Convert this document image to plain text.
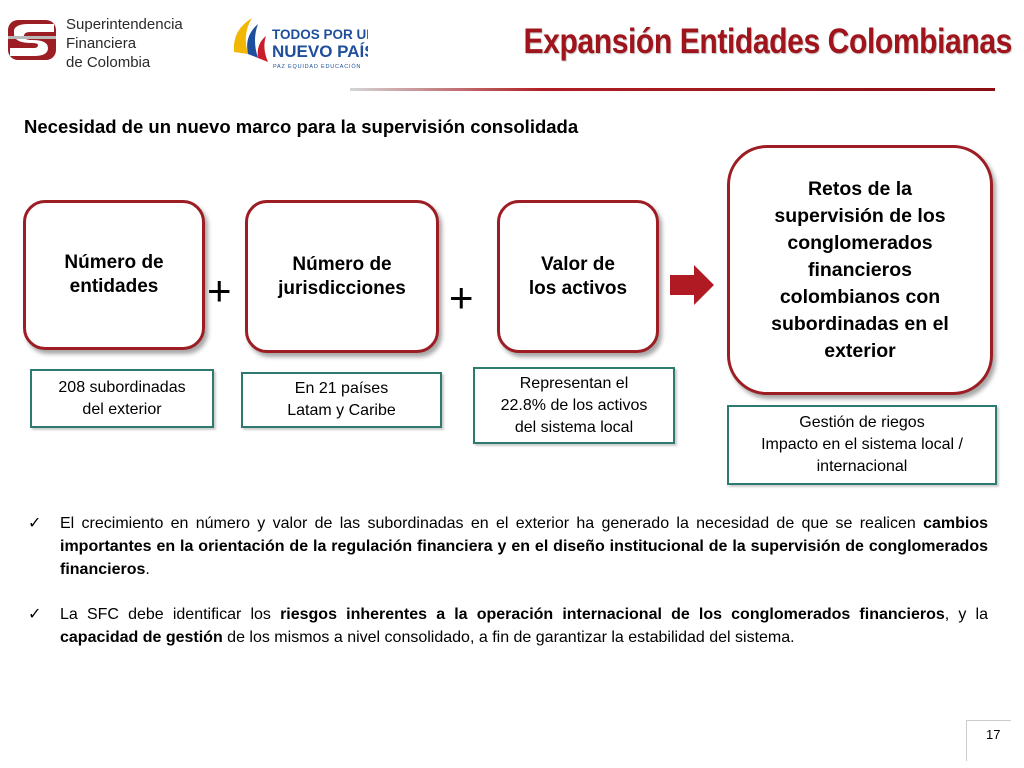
Superintendencia
Financiera
de Colombia
TODOS POR UN
NUEVO PAÍS
PAZ EQUIDAD EDUCACIÓN
Expansión Entidades Colombianas
Necesidad de un nuevo marco para la supervisión consolidada
Número de
entidades +
Número de
jurisdicciones +
Valor de
los activos
Retos de la
supervisión de los
conglomerados
financieros
colombianos con
subordinadas en el
exterior
208 subordinadas
del exterior
En 21 países
Latam y Caribe
Representan el
22.8% de los activos
del sistema local	Gestión de riegos
Impacto en el sistema local /
internacional
✓	El crecimiento en número y valor de las subordinadas en el exterior ha generado la necesidad de que se realicen cambios importantes en la orientación de la regulación financiera y en el diseño institucional de la supervisión de conglomerados financieros.
✓	La SFC debe identificar los riesgos inherentes a la operación internacional de los conglomerados financieros, y la capacidad de gestión de los mismos a nivel consolidado, a fin de garantizar la estabilidad del sistema.
17
